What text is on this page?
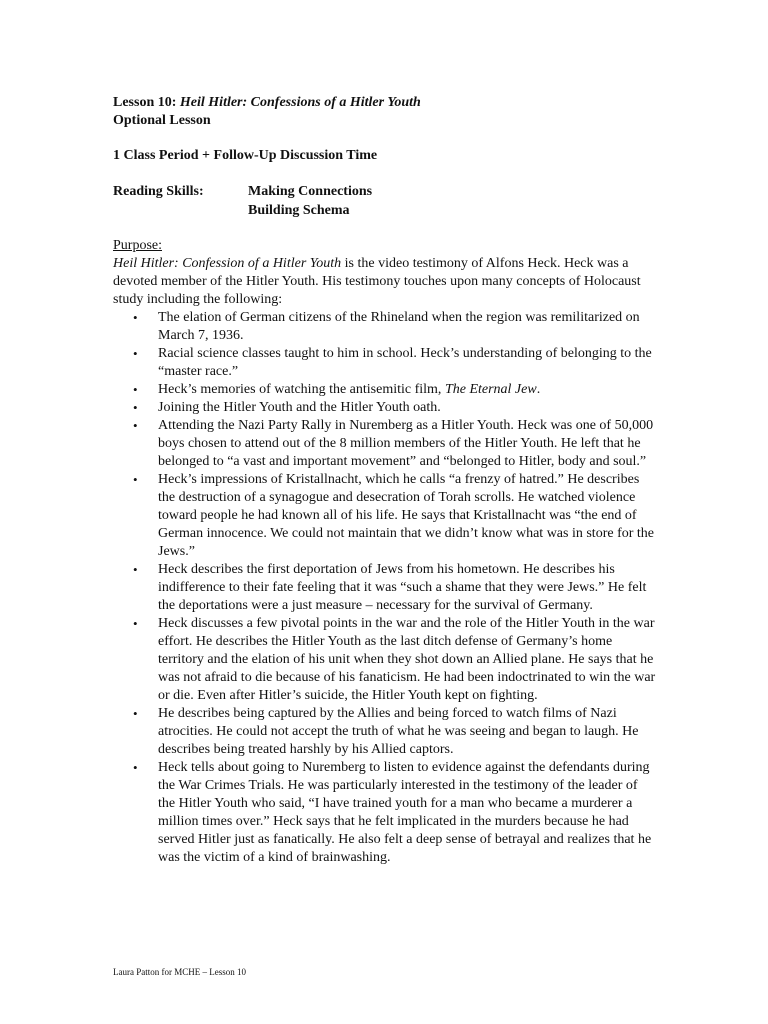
Lesson 10: Heil Hitler: Confessions of a Hitler Youth
Optional Lesson
1 Class Period + Follow-Up Discussion Time
Reading Skills:	Making Connections
Building Schema
Purpose:
Heil Hitler: Confession of a Hitler Youth is the video testimony of Alfons Heck. Heck was a devoted member of the Hitler Youth. His testimony touches upon many concepts of Holocaust study including the following:
• The elation of German citizens of the Rhineland when the region was remilitarized on March 7, 1936.
• Racial science classes taught to him in school. Heck’s understanding of belonging to the “master race.”
• Heck’s memories of watching the antisemitic film, The Eternal Jew.
• Joining the Hitler Youth and the Hitler Youth oath.
• Attending the Nazi Party Rally in Nuremberg as a Hitler Youth. Heck was one of 50,000 boys chosen to attend out of the 8 million members of the Hitler Youth. He left that he belonged to “a vast and important movement” and “belonged to Hitler, body and soul.”
• Heck’s impressions of Kristallnacht, which he calls “a frenzy of hatred.” He describes the destruction of a synagogue and desecration of Torah scrolls. He watched violence toward people he had known all of his life. He says that Kristallnacht was “the end of German innocence. We could not maintain that we didn’t know what was in store for the Jews.”
• Heck describes the first deportation of Jews from his hometown. He describes his indifference to their fate feeling that it was “such a shame that they were Jews.” He felt the deportations were a just measure – necessary for the survival of Germany.
• Heck discusses a few pivotal points in the war and the role of the Hitler Youth in the war effort. He describes the Hitler Youth as the last ditch defense of Germany’s home territory and the elation of his unit when they shot down an Allied plane. He says that he was not afraid to die because of his fanaticism. He had been indoctrinated to win the war or die. Even after Hitler’s suicide, the Hitler Youth kept on fighting.
• He describes being captured by the Allies and being forced to watch films of Nazi atrocities. He could not accept the truth of what he was seeing and began to laugh. He describes being treated harshly by his Allied captors.
• Heck tells about going to Nuremberg to listen to evidence against the defendants during the War Crimes Trials. He was particularly interested in the testimony of the leader of the Hitler Youth who said, “I have trained youth for a man who became a murderer a million times over.” Heck says that he felt implicated in the murders because he had served Hitler just as fanatically. He also felt a deep sense of betrayal and realizes that he was the victim of a kind of brainwashing.
Laura Patton for MCHE – Lesson 10
